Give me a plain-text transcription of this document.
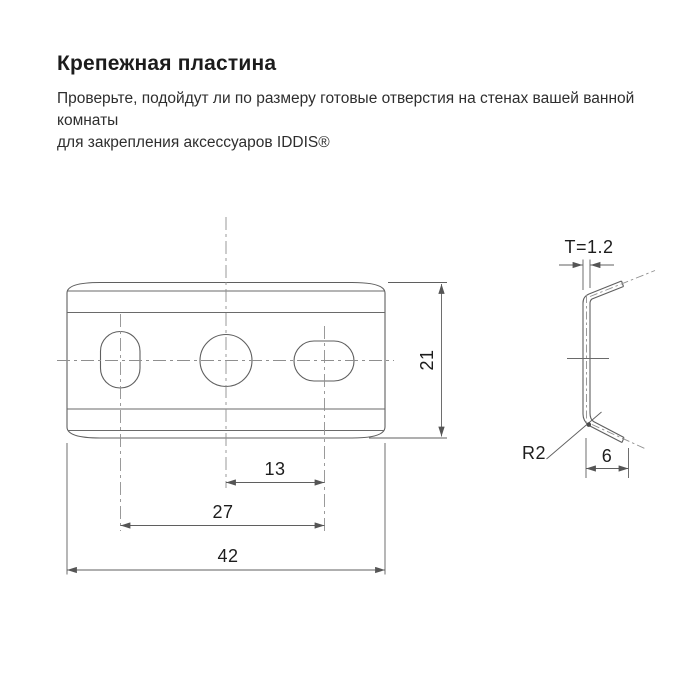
Крепежная пластина

Проверьте, подойдут ли по размеру готовые отверстия на стенах вашей ванной комнаты
для закрепления аксессуаров IDDIS®

21
13
27
42
T=1.2
R2	6
